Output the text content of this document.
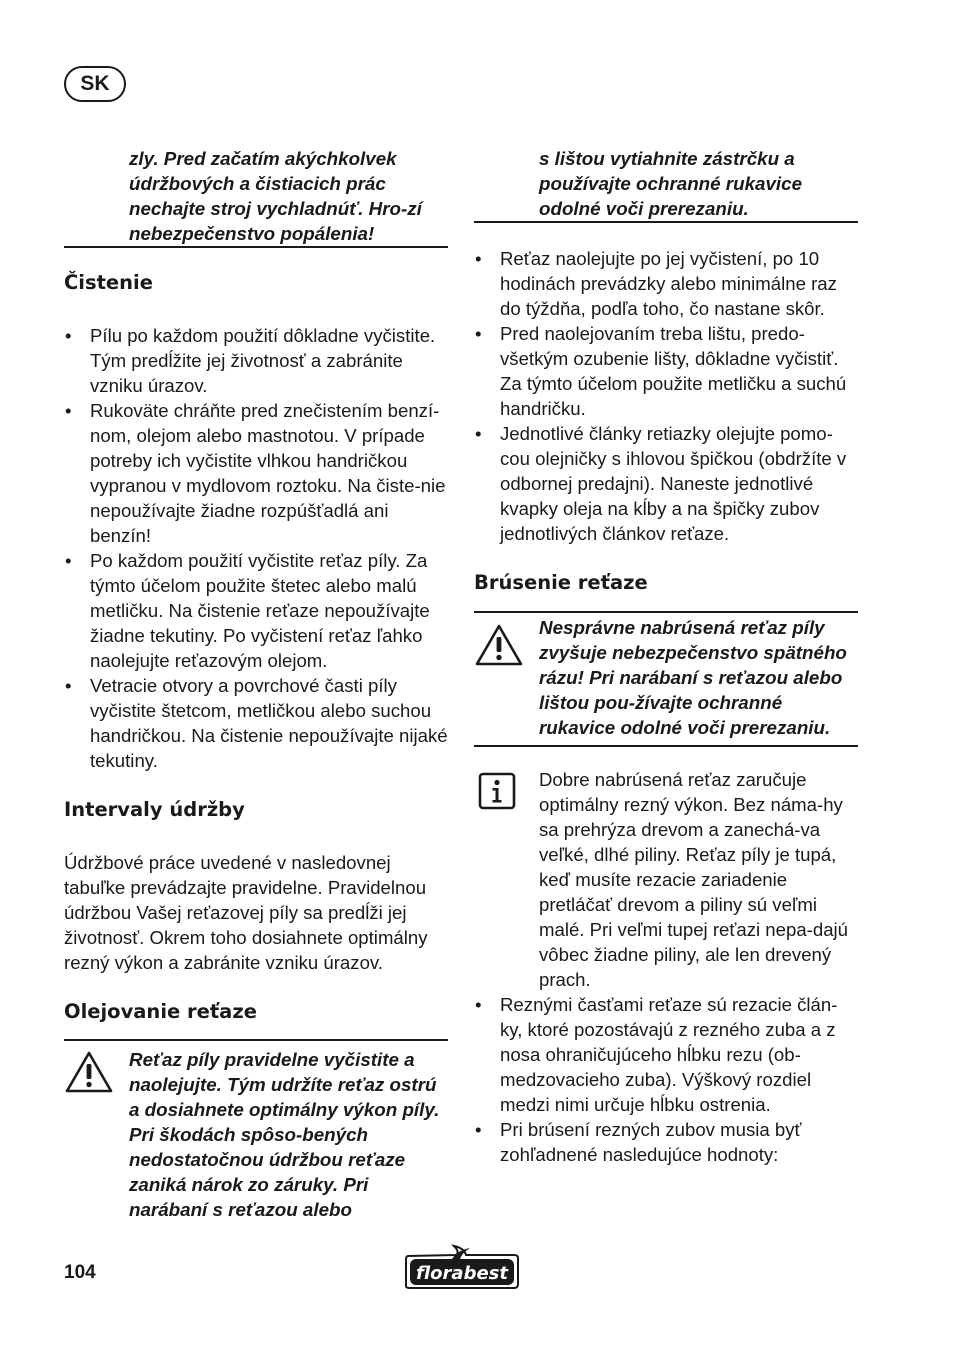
SK

zly. Pred začatím akýchkolvek údržbových a čistiacich prác nechajte stroj vychladnúť. Hro-zí nebezpečenstvo popálenia!

Čistenie

• Pílu po každom použití dôkladne vyčistite. Tým predĺžite jej životnosť a zabránite vzniku úrazov.
• Rukoväte chráňte pred znečistením benzí-nom, olejom alebo mastnotou. V prípade potreby ich vyčistite vlhkou handričkou vypranou v mydlovom roztoku. Na čiste-nie nepoužívajte žiadne rozpúšťadlá ani benzín!
• Po každom použití vyčistite reťaz píly. Za týmto účelom použite štetec alebo malú metličku. Na čistenie reťaze nepoužívajte žiadne tekutiny. Po vyčistení reťaz ľahko naolejujte reťazovým olejom.
• Vetracie otvory a povrchové časti píly vyčistite štetcom, metličkou alebo suchou handričkou. Na čistenie nepoužívajte nijaké tekutiny.

Intervaly údržby

Údržbové práce uvedené v nasledovnej tabuľke prevádzajte pravidelne. Pravidelnou údržbou Vašej reťazovej píly sa predĺži jej životnosť. Okrem toho dosiahnete optimálny rezný výkon a zabránite vzniku úrazov.

Olejovanie reťaze

Reťaz píly pravidelne vyčistite a naolejujte. Tým udržíte reťaz ostrú a dosiahnete optimálny výkon píly. Pri škodách spôso-bených nedostatočnou údržbou reťaze zaniká nárok zo záruky. Pri narábaní s reťazou alebo

s lištou vytiahnite zástrčku a používajte ochranné rukavice odolné voči prerezaniu.

• Reťaz naolejujte po jej vyčistení, po 10 hodinách prevádzky alebo minimálne raz do týždňa, podľa toho, čo nastane skôr.
• Pred naolejovaním treba lištu, predo-všetkým ozubenie lišty, dôkladne vyčistiť. Za týmto účelom použite metličku a suchú handričku.
• Jednotlivé články retiazky olejujte pomo-cou olejničky s ihlovou špičkou (obdržíte v odbornej predajni). Naneste jednotlivé kvapky oleja na kĺby a na špičky zubov jednotlivých článkov reťaze.

Brúsenie reťaze

Nesprávne nabrúsená reťaz píly zvyšuje nebezpečenstvo spätného rázu! Pri narábaní s reťazou alebo lištou pou-žívajte ochranné rukavice odolné voči prerezaniu.

Dobre nabrúsená reťaz zaručuje optimálny rezný výkon. Bez náma-hy sa prehrýza drevom a zanechá-va veľké, dlhé piliny. Reťaz píly je tupá, keď musíte rezacie zariadenie pretláčať drevom a piliny sú veľmi malé. Pri veľmi tupej reťazi nepa-dajú vôbec žiadne piliny, ale len drevený prach.

• Reznými časťami reťaze sú rezacie člán-ky, ktoré pozostávajú z rezného zuba a z nosa ohraničujúceho hĺbku rezu (ob-medzovacieho zuba). Výškový rozdiel medzi nimi určuje hĺbku ostrenia.
• Pri brúsení rezných zubov musia byť zohľadnené nasledujúce hodnoty:
104	florabest
